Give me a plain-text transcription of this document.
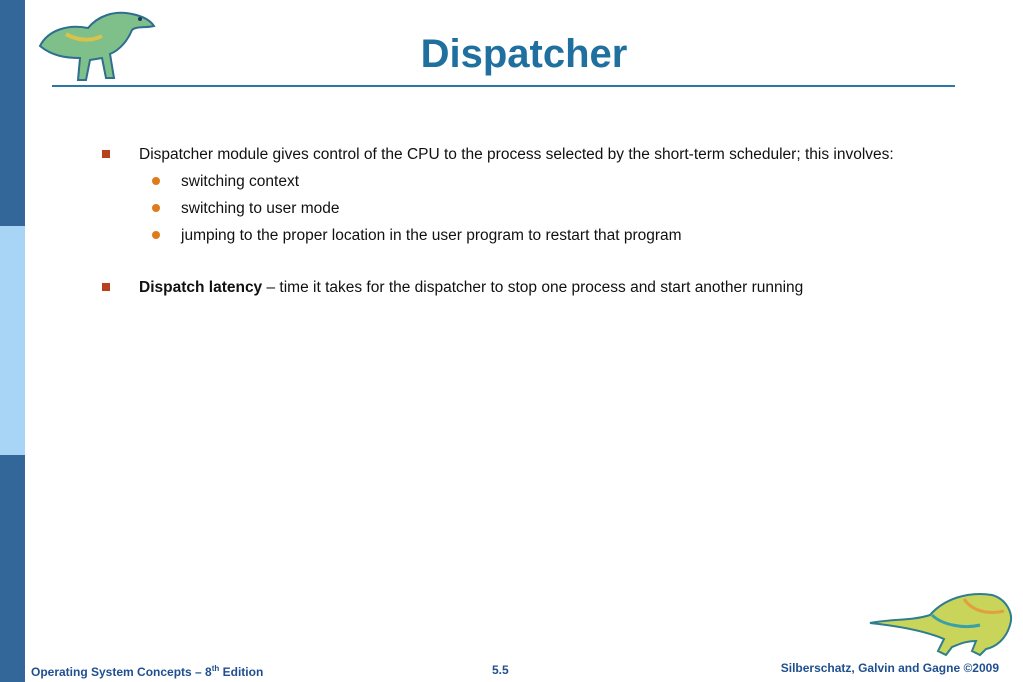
Dispatcher
Dispatcher module gives control of the CPU to the process selected by the short-term scheduler; this involves:
switching context
switching to user mode
jumping to the proper location in the user program to restart that program
Dispatch latency – time it takes for the dispatcher to stop one process and start another running
Operating System Concepts – 8th Edition	5.5	Silberschatz, Galvin and Gagne ©2009
